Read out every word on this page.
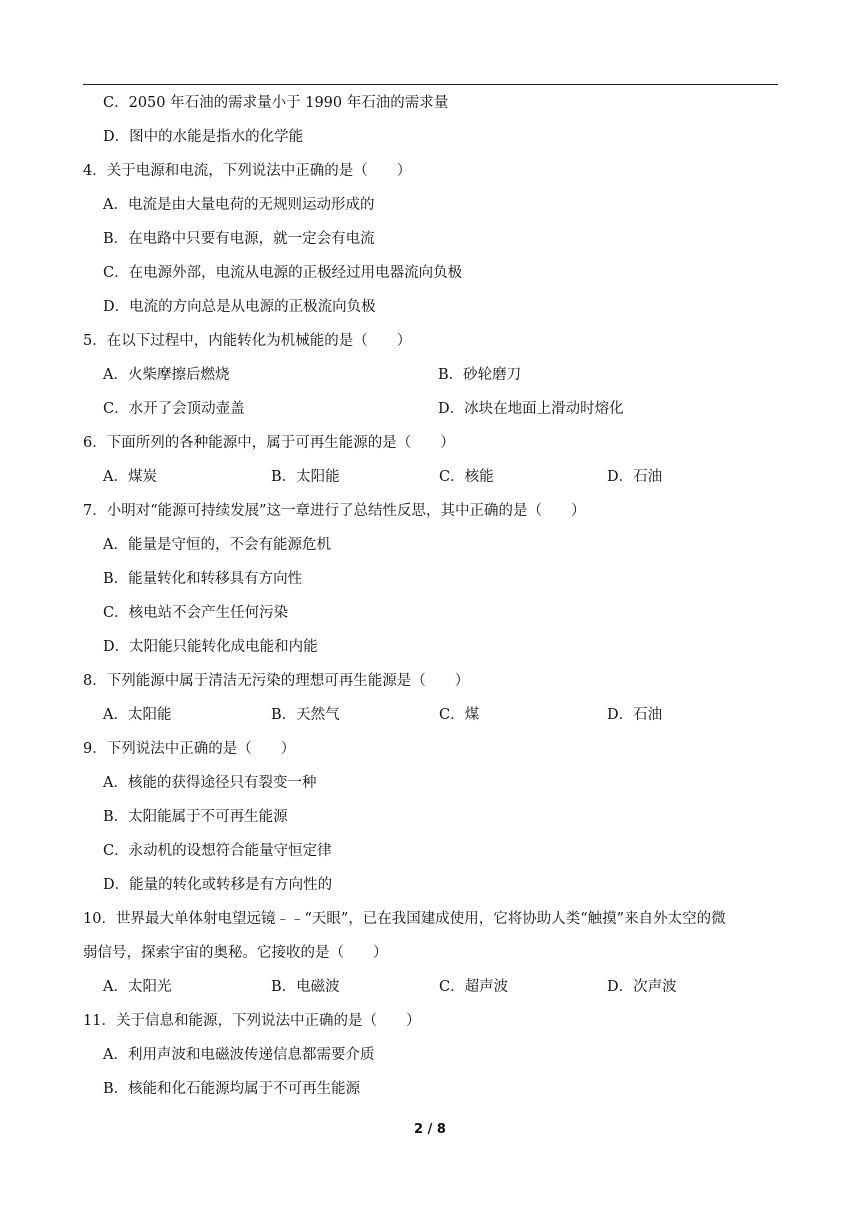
C．2050 年石油的需求量小于 1990 年石油的需求量
D．图中的水能是指水的化学能
4．关于电源和电流，下列说法中正确的是（　　）
A．电流是由大量电荷的无规则运动形成的
B．在电路中只要有电源，就一定会有电流
C．在电源外部，电流从电源的正极经过用电器流向负极
D．电流的方向总是从电源的正极流向负极
5．在以下过程中，内能转化为机械能的是（　　）
A．火柴摩擦后燃烧	B．砂轮磨刀
C．水开了会顶动壶盖	D．冰块在地面上滑动时熔化
6．下面所列的各种能源中，属于可再生能源的是（　　）
A．煤炭	B．太阳能	C．核能	D．石油
7．小明对“能源可持续发展”这一章进行了总结性反思，其中正确的是（　　）
A．能量是守恒的，不会有能源危机
B．能量转化和转移具有方向性
C．核电站不会产生任何污染
D．太阳能只能转化成电能和内能
8．下列能源中属于清洁无污染的理想可再生能源是（　　）
A．太阳能	B．天然气	C．煤	D．石油
9．下列说法中正确的是（　　）
A．核能的获得途径只有裂变一种
B．太阳能属于不可再生能源
C．永动机的设想符合能量守恒定律
D．能量的转化或转移是有方向性的
10．世界最大单体射电望远镜﹣﹣“天眼”，已在我国建成使用，它将协助人类“触摸”来自外太空的微
弱信号，探索宇宙的奥秘。它接收的是（　　）
A．太阳光	B．电磁波	C．超声波	D．次声波
11．关于信息和能源，下列说法中正确的是（　　）
A．利用声波和电磁波传递信息都需要介质
B．核能和化石能源均属于不可再生能源
2 / 8
